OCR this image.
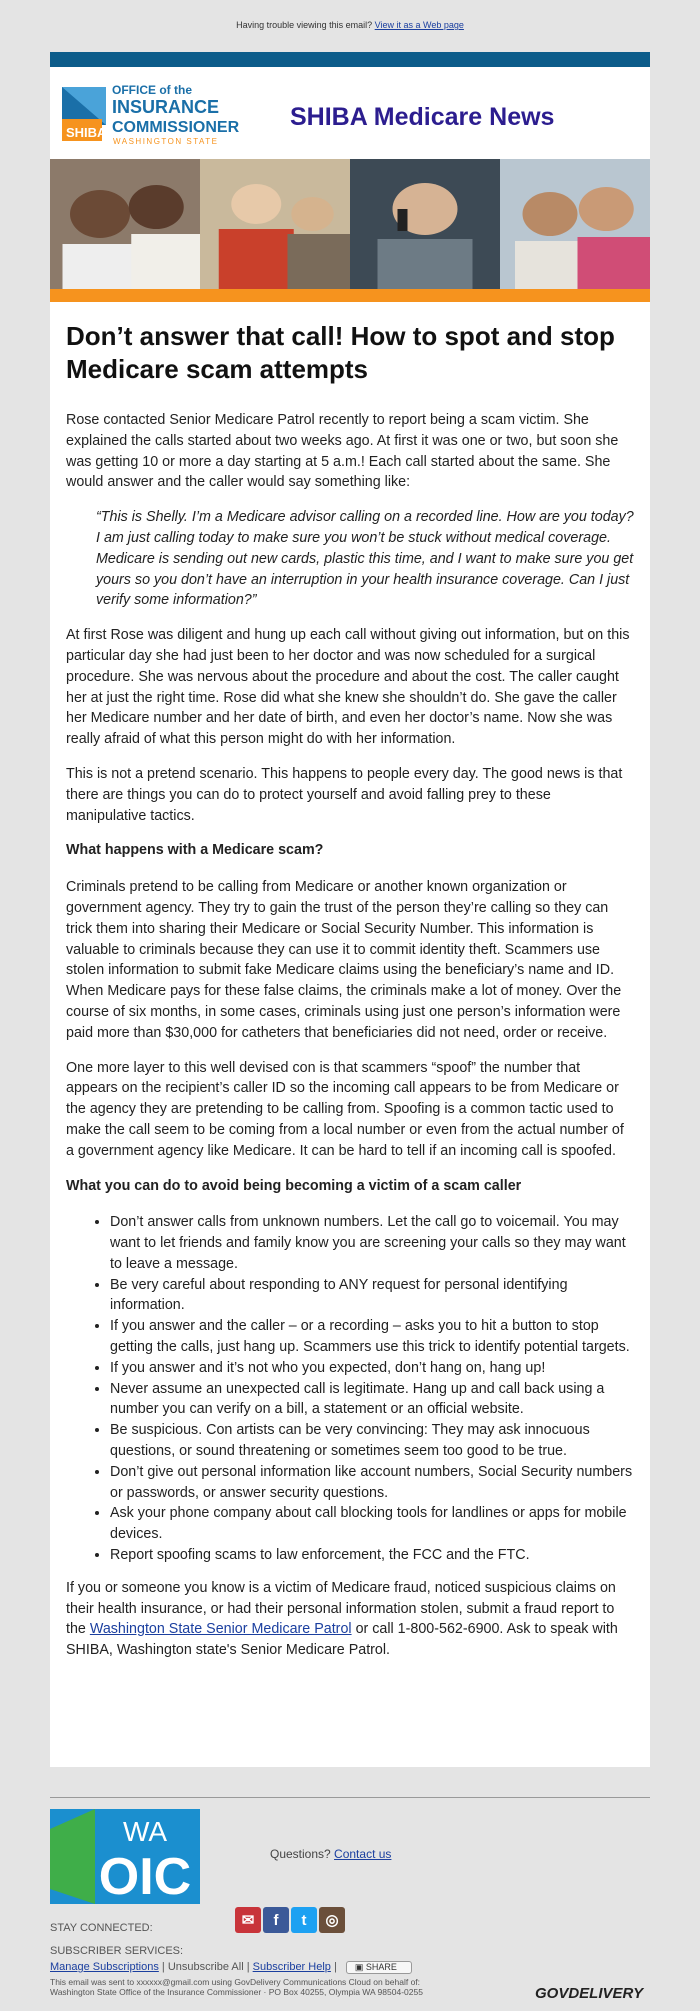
Having trouble viewing this email? View it as a Web page
SHIBA
OFFICE of the
INSURANCE
COMMISSIONER
WASHINGTON STATE
SHIBA Medicare News
Don’t answer that call! How to spot and stop Medicare scam attempts

Rose contacted Senior Medicare Patrol recently to report being a scam victim. She explained the calls started about two weeks ago. At first it was one or two, but soon she was getting 10 or more a day starting at 5 a.m.! Each call started about the same. She would answer and the caller would say something like:

“This is Shelly. I’m a Medicare advisor calling on a recorded line. How are you today? I am just calling today to make sure you won’t be stuck without medical coverage. Medicare is sending out new cards, plastic this time, and I want to make sure you get yours so you don’t have an interruption in your health insurance coverage. Can I just verify some information?”

At first Rose was diligent and hung up each call without giving out information, but on this particular day she had just been to her doctor and was now scheduled for a surgical procedure. She was nervous about the procedure and about the cost. The caller caught her at just the right time. Rose did what she knew she shouldn’t do. She gave the caller her Medicare number and her date of birth, and even her doctor’s name. Now she was really afraid of what this person might do with her information.

This is not a pretend scenario. This happens to people every day. The good news is that there are things you can do to protect yourself and avoid falling prey to these manipulative tactics.

What happens with a Medicare scam?

Criminals pretend to be calling from Medicare or another known organization or government agency. They try to gain the trust of the person they’re calling so they can trick them into sharing their Medicare or Social Security Number. This information is valuable to criminals because they can use it to commit identity theft. Scammers use stolen information to submit fake Medicare claims using the beneficiary’s name and ID. When Medicare pays for these false claims, the criminals make a lot of money. Over the course of six months, in some cases, criminals using just one person’s information were paid more than $30,000 for catheters that beneficiaries did not need, order or receive.

One more layer to this well devised con is that scammers “spoof” the number that appears on the recipient’s caller ID so the incoming call appears to be from Medicare or the agency they are pretending to be calling from. Spoofing is a common tactic used to make the call seem to be coming from a local number or even from the actual number of a government agency like Medicare. It can be hard to tell if an incoming call is spoofed.

What you can do to avoid being becoming a victim of a scam caller
• Don’t answer calls from unknown numbers. Let the call go to voicemail. You may want to let friends and family know you are screening your calls so they may want to leave a message.
• Be very careful about responding to ANY request for personal identifying information.
• If you answer and the caller – or a recording – asks you to hit a button to stop getting the calls, just hang up. Scammers use this trick to identify potential targets.
• If you answer and it’s not who you expected, don’t hang on, hang up!
• Never assume an unexpected call is legitimate. Hang up and call back using a number you can verify on a bill, a statement or an official website.
• Be suspicious. Con artists can be very convincing: They may ask innocuous questions, or sound threatening or sometimes seem too good to be true.
• Don’t give out personal information like account numbers, Social Security numbers or passwords, or answer security questions.
• Ask your phone company about call blocking tools for landlines or apps for mobile devices.
• Report spoofing scams to law enforcement, the FCC and the FTC.

If you or someone you know is a victim of Medicare fraud, noticed suspicious claims on their health insurance, or had their personal information stolen, submit a fraud report to the Washington State Senior Medicare Patrol or call 1-800-562-6900. Ask to speak with SHIBA, Washington state's Senior Medicare Patrol.

WA
OIC	Questions? Contact us
STAY CONNECTED:	✉	f	t	◎
SUBSCRIBER SERVICES:
Manage Subscriptions | Unsubscribe All | Subscriber Help | ▣ SHARE
This email was sent to xxxxxx@gmail.com using GovDelivery Communications Cloud on behalf of:
Washington State Office of the Insurance Commissioner · PO Box 40255, Olympia WA 98504-0255	GOVDELIVERY
